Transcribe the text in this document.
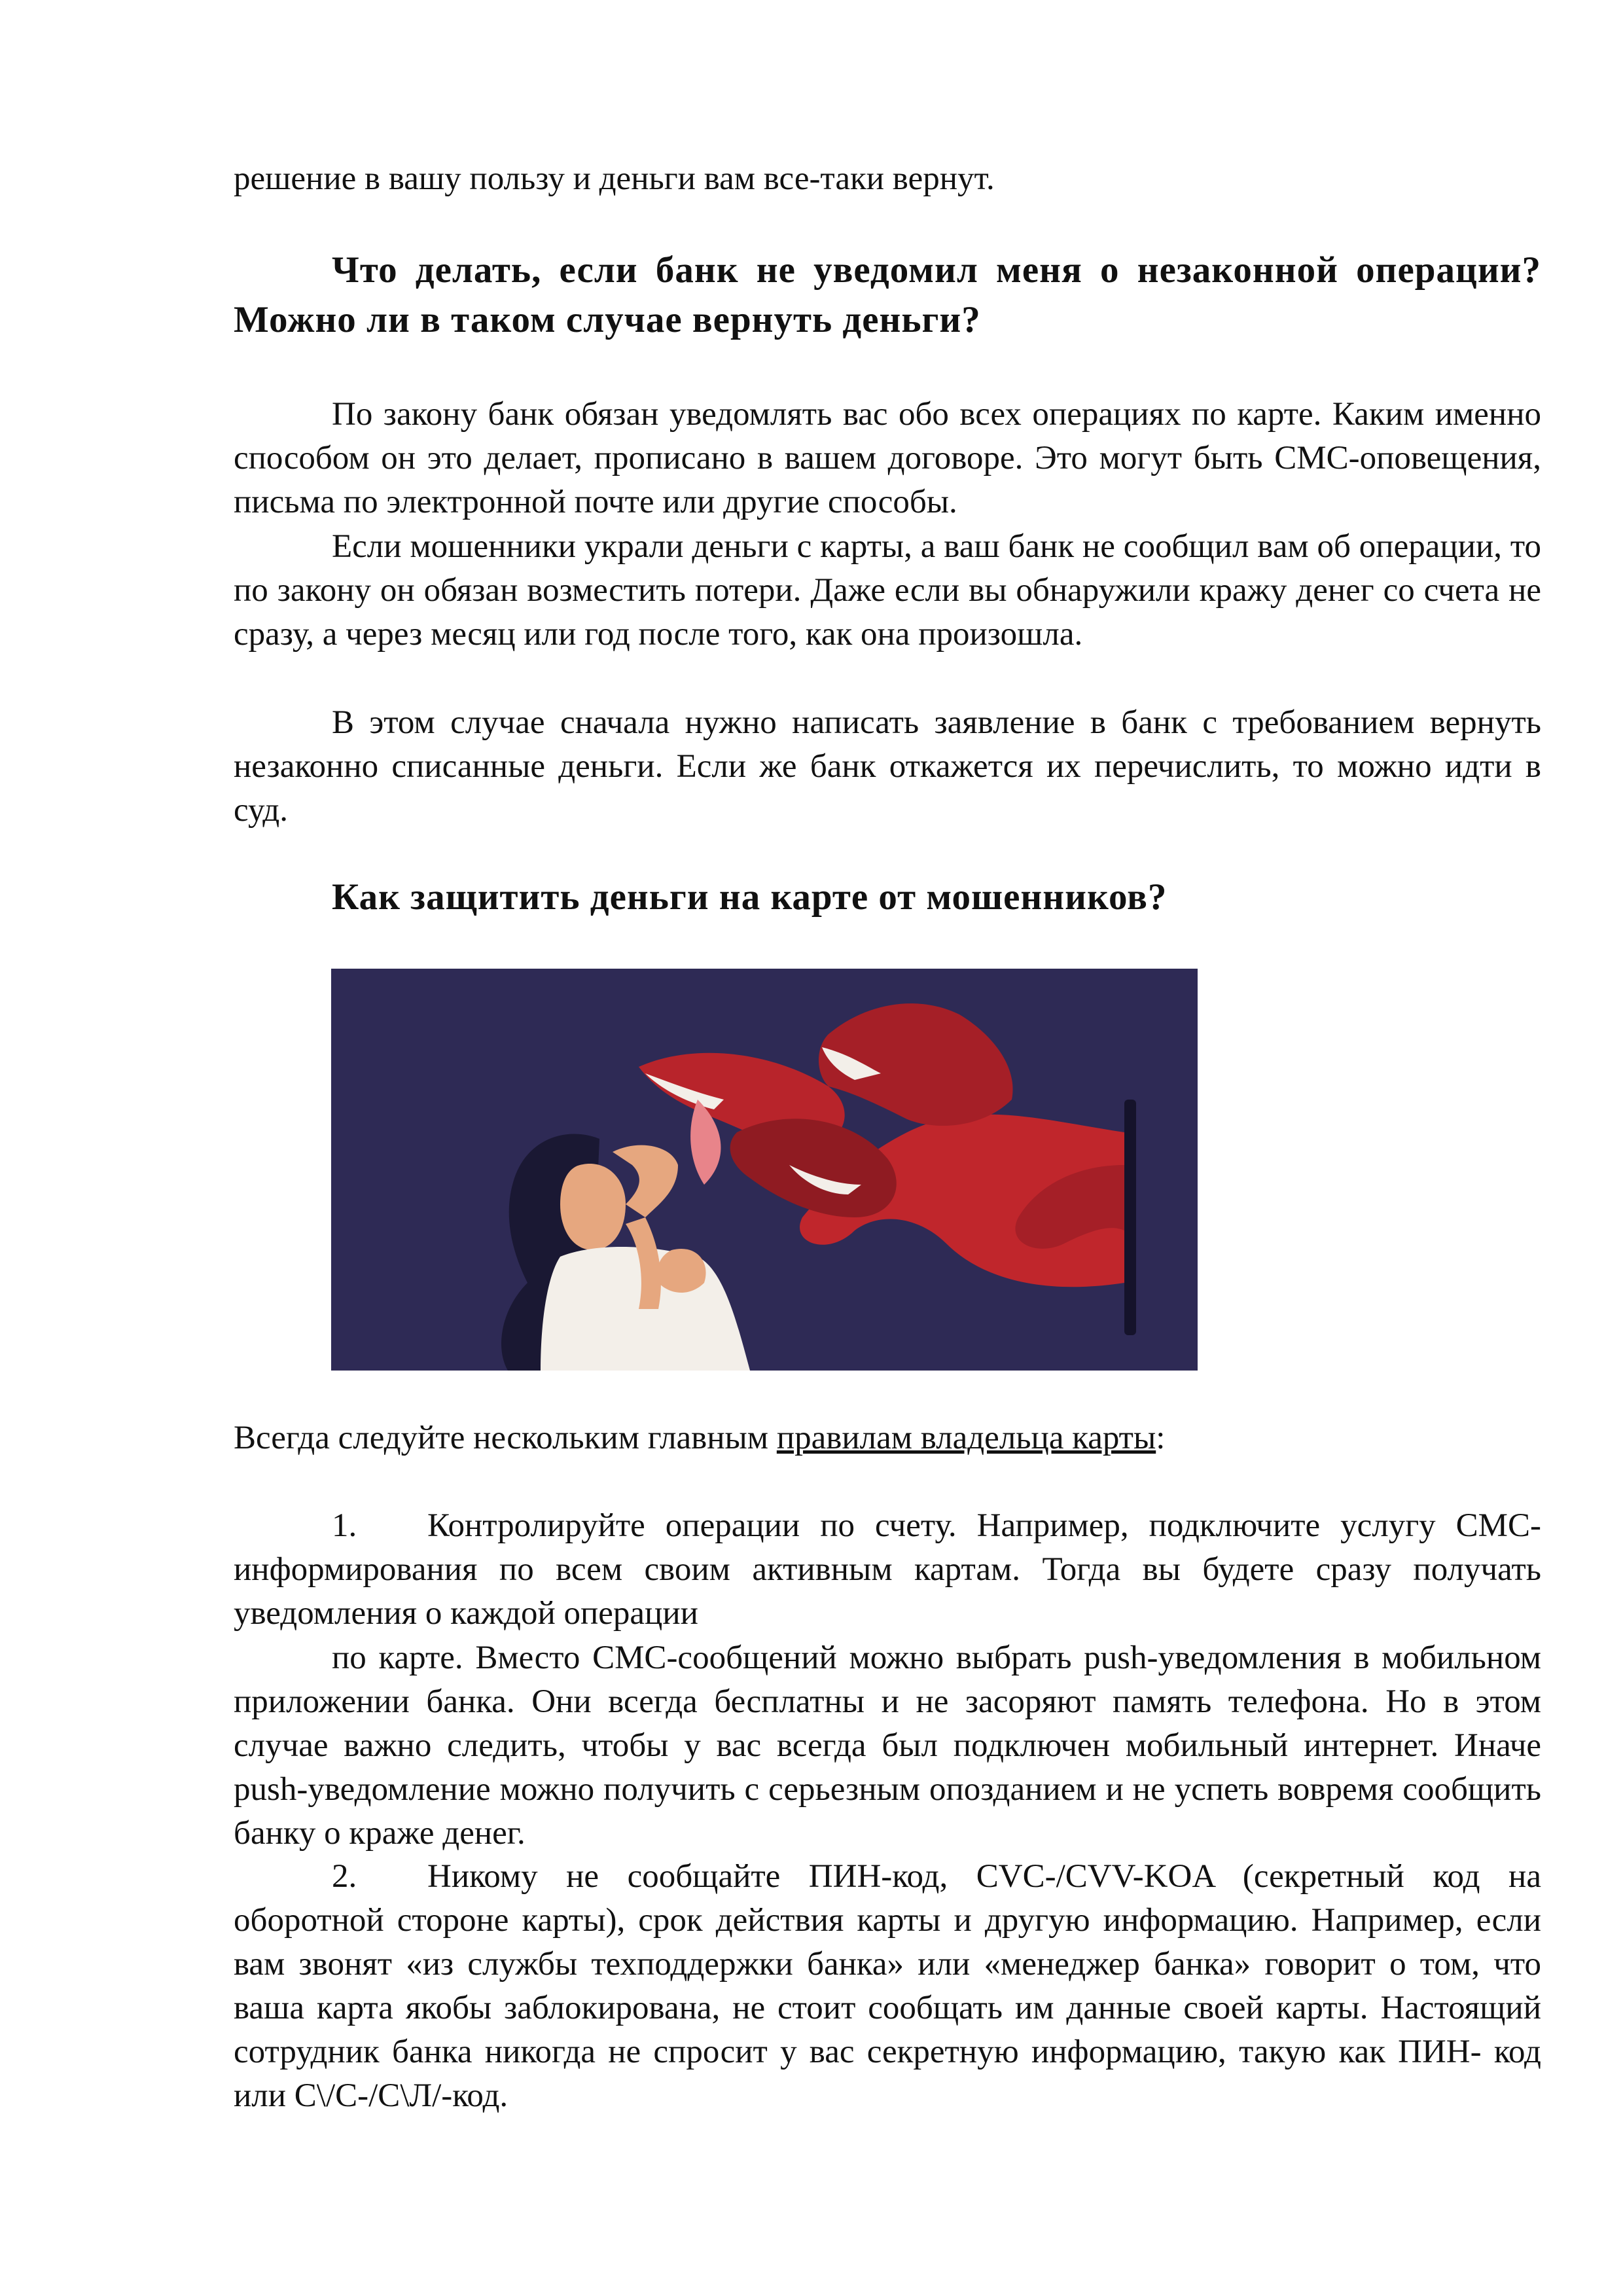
решение в вашу пользу и деньги вам все-таки вернут.

Что делать, если банк не уведомил меня о незаконной операции? Можно ли в таком случае вернуть деньги?

По закону банк обязан уведомлять вас обо всех операциях по карте. Каким именно способом он это делает, прописано в вашем договоре. Это могут быть СМС-оповещения, письма по электронной почте или другие способы.

Если мошенники украли деньги с карты, а ваш банк не сообщил вам об операции, то по закону он обязан возместить потери. Даже если вы обнаружили кражу денег со счета не сразу, а через месяц или год после того, как она произошла.

В этом случае сначала нужно написать заявление в банк с требованием вернуть незаконно списанные деньги. Если же банк откажется их перечислить, то можно идти в суд.

Как защитить деньги на карте от мошенников?

Всегда следуйте нескольким главным правилам владельца карты:

1. Контролируйте операции по счету. Например, подключите услугу СМС- информирования по всем своим активным картам. Тогда вы будете сразу получать уведомления о каждой операции

по карте. Вместо СМС-сообщений можно выбрать push-уведомления в мобильном приложении банка. Они всегда бесплатны и не засоряют память телефона. Но в этом случае важно следить, чтобы у вас всегда был подключен мобильный интернет. Иначе push-уведомление можно получить с серьезным опозданием и не успеть вовремя сообщить банку о краже денег.

2. Никому не сообщайте ПИН-код, CVC-/CVV-KOA (секретный код на оборотной стороне карты), срок действия карты и другую информацию. Например, если вам звонят «из службы техподдержки банка» или «менеджер банка» говорит о том, что ваша карта якобы заблокирована, не стоит сообщать им данные своей карты. Настоящий сотрудник банка никогда не спросит у вас секретную информацию, такую как ПИН- код или C\/C-/C\Л/-код.
